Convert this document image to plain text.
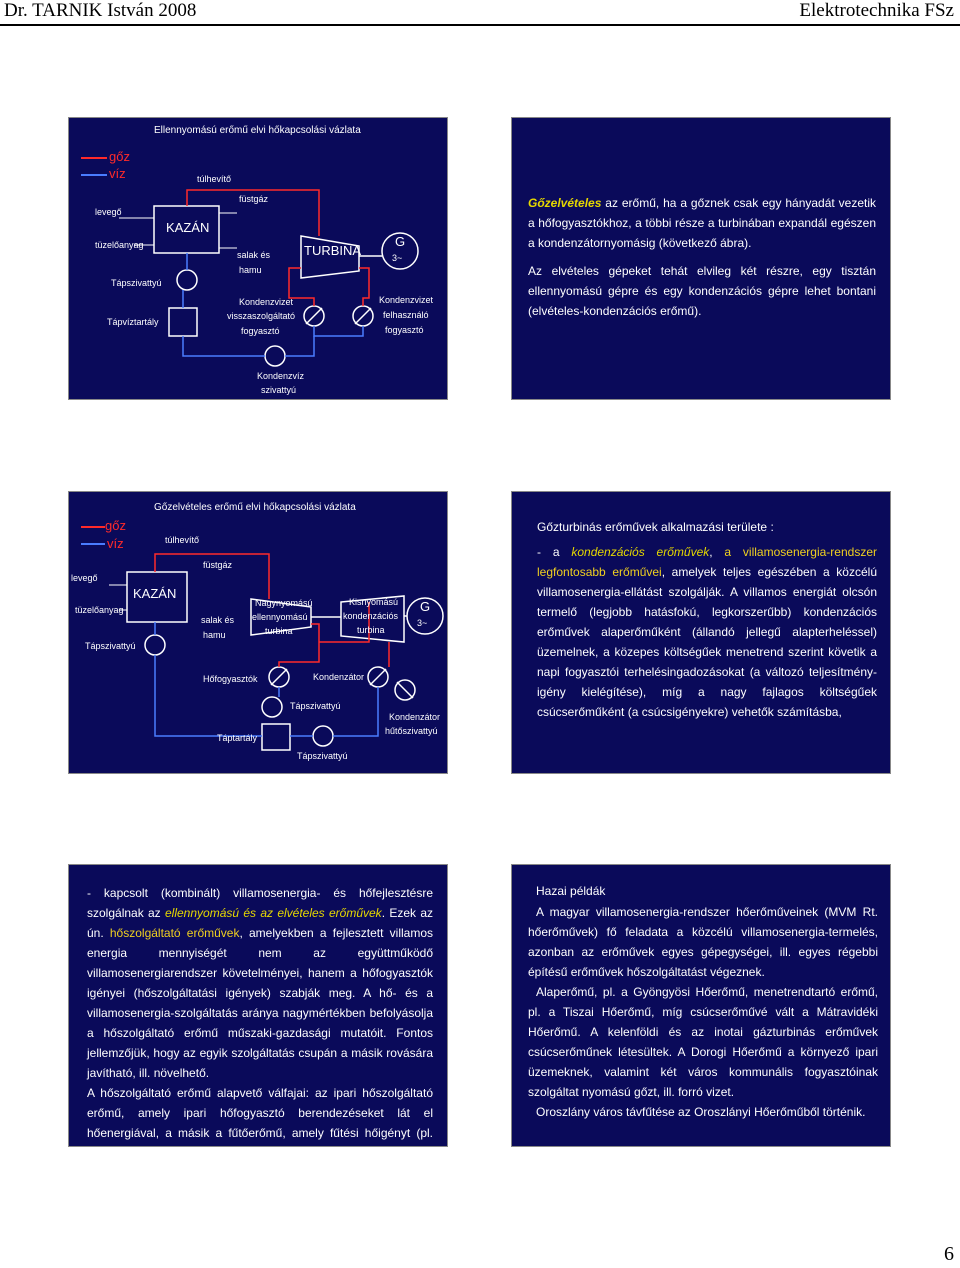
Dr. TARNIK István 2008	Elektrotechnika FSz
Ellennyomású erőmű elvi hőkapcsolási vázlata
gőz
víz	túlhevítő
füstgáz
levegő
tüzelőanyag
KAZÁN
salak és
hamu
TURBINA
G
3~
Tápszivattyú
Tápvíztartály
Kondenzvizet
visszaszolgáltató
fogyasztó
Kondenzvizet
felhasználó
fogyasztó
Kondenzvíz
szivattyú

Gőzelvételes az erőmű, ha a gőznek csak egy hányadát vezetik a hőfogyasztókhoz, a többi része a turbinában expandál egészen a kondenzátornyomásig (következő ábra).

Az elvételes gépeket tehát elvileg két részre, egy tisztán ellennyomású gépre és egy kondenzációs gépre lehet bontani (elvételes-kondenzációs erőmű).

Gőzelvételes erőmű elvi hőkapcsolási vázlata
gőz
víz	túlhevítő
füstgáz
levegő
tüzelőanyag
KAZÁN
salak és
hamu
Tápszivattyú
Nagynyomású
ellennyomású
turbina
Kisnyomású
kondenzációs
turbina
G
3~
Hőfogyasztók	Kondenzátor
Tápszivattyú
Táptartály
Tápszivattyú
Kondenzátor
hűtőszivattyú
Gőzturbinás erőművek alkalmazási területe :
- a kondenzációs erőművek, a villamosenergia-rendszer legfontosabb erőművei, amelyek teljes egészében a közcélú villamosenergia-ellátást szolgálják. A villamos energiát olcsón termelő (legjobb hatásfokú, legkorszerűbb) kondenzációs erőművek alaperőműként (állandó jellegű alapterheléssel) üzemelnek, a közepes költségűek menetrend szerint követik a napi fogyasztói terhelésingadozásokat (a változó teljesítmény-igény kielégítése), míg a nagy fajlagos költségűek csúcserőműként (a csúcsigényekre) vehetők számításba,

- kapcsolt (kombinált) villamosenergia- és hőfejlesztésre szolgálnak az ellennyomású és az elvételes erőművek. Ezek az ún. hőszolgáltató erőművek, amelyekben a fejlesztett villamos energia mennyiségét nem az együttműködő villamosenergiarendszer követelményei, hanem a hőfogyasztók igényei (hőszolgáltatási igények) szabják meg. A hő- és a villamosenergia-szolgáltatás aránya nagymértékben befolyásolja a hőszolgáltató erőmű műszaki-gazdasági mutatóit. Fontos jellemzőjük, hogy az egyik szolgáltatás csupán a másik rovására javítható, ill. növelhető.

A hőszolgáltató erőmű alapvető válfajai: az ipari hőszolgáltató erőmű, amely ipari hőfogyasztó berendezéseket lát el hőenergiával, a másik a fűtőerőmű, amely fűtési hőigényt (pl. városok, városrészek hőfogyasztói) elégít ki.

Hazai példák

A magyar villamosenergia-rendszer hőerőműveinek (MVM Rt. hőerőművek) fő feladata a közcélú villamosenergia-termelés, azonban az erőművek egyes gépegységei, ill. egyes régebbi építésű erőművek hőszolgáltatást végeznek.

Alaperőmű, pl. a Gyöngyösi Hőerőmű, menetrendtartó erőmű, pl. a Tiszai Hőerőmű, míg csúcserőművé vált a Mátravidéki Hőerőmű. A kelenföldi és az inotai gázturbinás erőművek csúcserőműnek létesültek. A Dorogi Hőerőmű a környező ipari üzemeknek, valamint két város kommunális fogyasztóinak szolgáltat nyomású gőzt, ill. forró vizet.

Oroszlány város távfűtése az Oroszlányi Hőerőműből történik.

6
